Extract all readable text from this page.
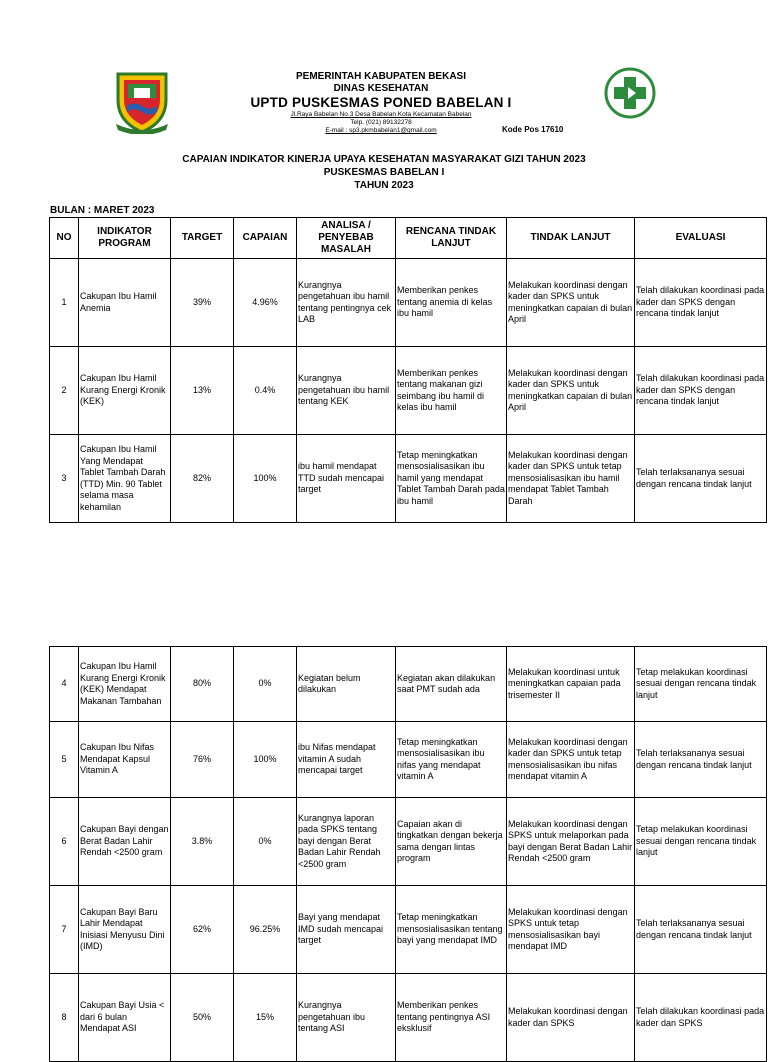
PEMERINTAH KABUPATEN BEKASI
DINAS KESEHATAN
UPTD PUSKESMAS PONED BABELAN I
Jl.Raya Babelan No.3 Desa Babelan Kota Kecamatan Babelan
Telp. (021) 89132278
E-mail : sp3.pkmbabelan1@gmail.com	Kode Pos 17610
CAPAIAN INDIKATOR KINERJA UPAYA KESEHATAN MASYARAKAT GIZI TAHUN 2023
PUSKESMAS BABELAN I
TAHUN 2023
BULAN : MARET 2023
NO	INDIKATOR PROGRAM	TARGET	CAPAIAN	ANALISA / PENYEBAB MASALAH	RENCANA TINDAK LANJUT	TINDAK LANJUT	EVALUASI
1	Cakupan Ibu Hamil Anemia	39%	4.96%	Kurangnya pengetahuan ibu hamil tentang pentingnya cek LAB	Memberikan penkes tentang anemia di kelas ibu hamil	Melakukan koordinasi dengan kader dan SPKS untuk meningkatkan capaian di bulan April	Telah dilakukan koordinasi pada kader dan SPKS dengan rencana tindak lanjut
2	Cakupan Ibu Hamil Kurang Energi Kronik (KEK)	13%	0.4%	Kurangnya pengetahuan ibu hamil tentang KEK	Memberikan penkes tentang makanan gizi seimbang ibu hamil di kelas ibu hamil	Melakukan koordinasi dengan kader dan SPKS untuk meningkatkan capaian di bulan April	Telah dilakukan koordinasi pada kader dan SPKS dengan rencana tindak lanjut
3	Cakupan Ibu Hamil Yang Mendapat Tablet Tambah Darah (TTD) Min. 90 Tablet selama masa kehamilan	82%	100%	ibu hamil mendapat TTD sudah mencapai target	Tetap meningkatkan mensosialisasikan ibu hamil yang mendapat Tablet Tambah Darah pada ibu hamil	Melakukan koordinasi dengan kader dan SPKS untuk tetap mensosialisasikan ibu hamil mendapat Tablet Tambah Darah	Telah terlaksananya sesuai dengan rencana tindak lanjut
4	Cakupan Ibu Hamil Kurang Energi Kronik (KEK) Mendapat Makanan Tambahan	80%	0%	Kegiatan belum dilakukan	Kegiatan akan dilakukan saat PMT sudah ada	Melakukan koordinasi untuk meningkatkan capaian pada trisemester II	Tetap melakukan koordinasi sesuai dengan rencana tindak lanjut
5	Cakupan Ibu Nifas Mendapat Kapsul Vitamin A	76%	100%	ibu Nifas mendapat vitamin A sudah mencapai target	Tetap meningkatkan mensosialisasikan ibu nifas yang mendapat vitamin A	Melakukan koordinasi dengan kader dan SPKS untuk tetap mensosialisasikan ibu nifas mendapat vitamin A	Telah terlaksananya sesuai dengan rencana tindak lanjut
6	Cakupan Bayi dengan Berat Badan Lahir Rendah <2500 gram	3.8%	0%	Kurangnya laporan pada SPKS tentang bayi dengan Berat Badan Lahir Rendah <2500 gram	Capaian akan di tingkatkan dengan bekerja sama dengan lintas program	Melakukan koordinasi dengan SPKS untuk melaporkan pada bayi dengan Berat Badan Lahir Rendah <2500 gram	Tetap melakukan koordinasi sesuai dengan rencana tindak lanjut
7	Cakupan Bayi Baru Lahir Mendapat Inisiasi Menyusu Dini (IMD)	62%	96.25%	Bayi yang mendapat IMD sudah mencapai target	Tetap meningkatkan mensosialisasikan tentang bayi yang mendapat IMD	Melakukan koordinasi dengan SPKS untuk tetap mensosialisasikan bayi mendapat IMD	Telah terlaksananya sesuai dengan rencana tindak lanjut
8	Cakupan Bayi Usia < dari 6 bulan Mendapat ASI	50%	15%	Kurangnya pengetahuan ibu tentang ASI	Memberikan penkes tentang pentingnya ASI eksklusif	Melakukan koordinasi dengan kader dan SPKS	Telah dilakukan koordinasi pada kader dan SPKS
